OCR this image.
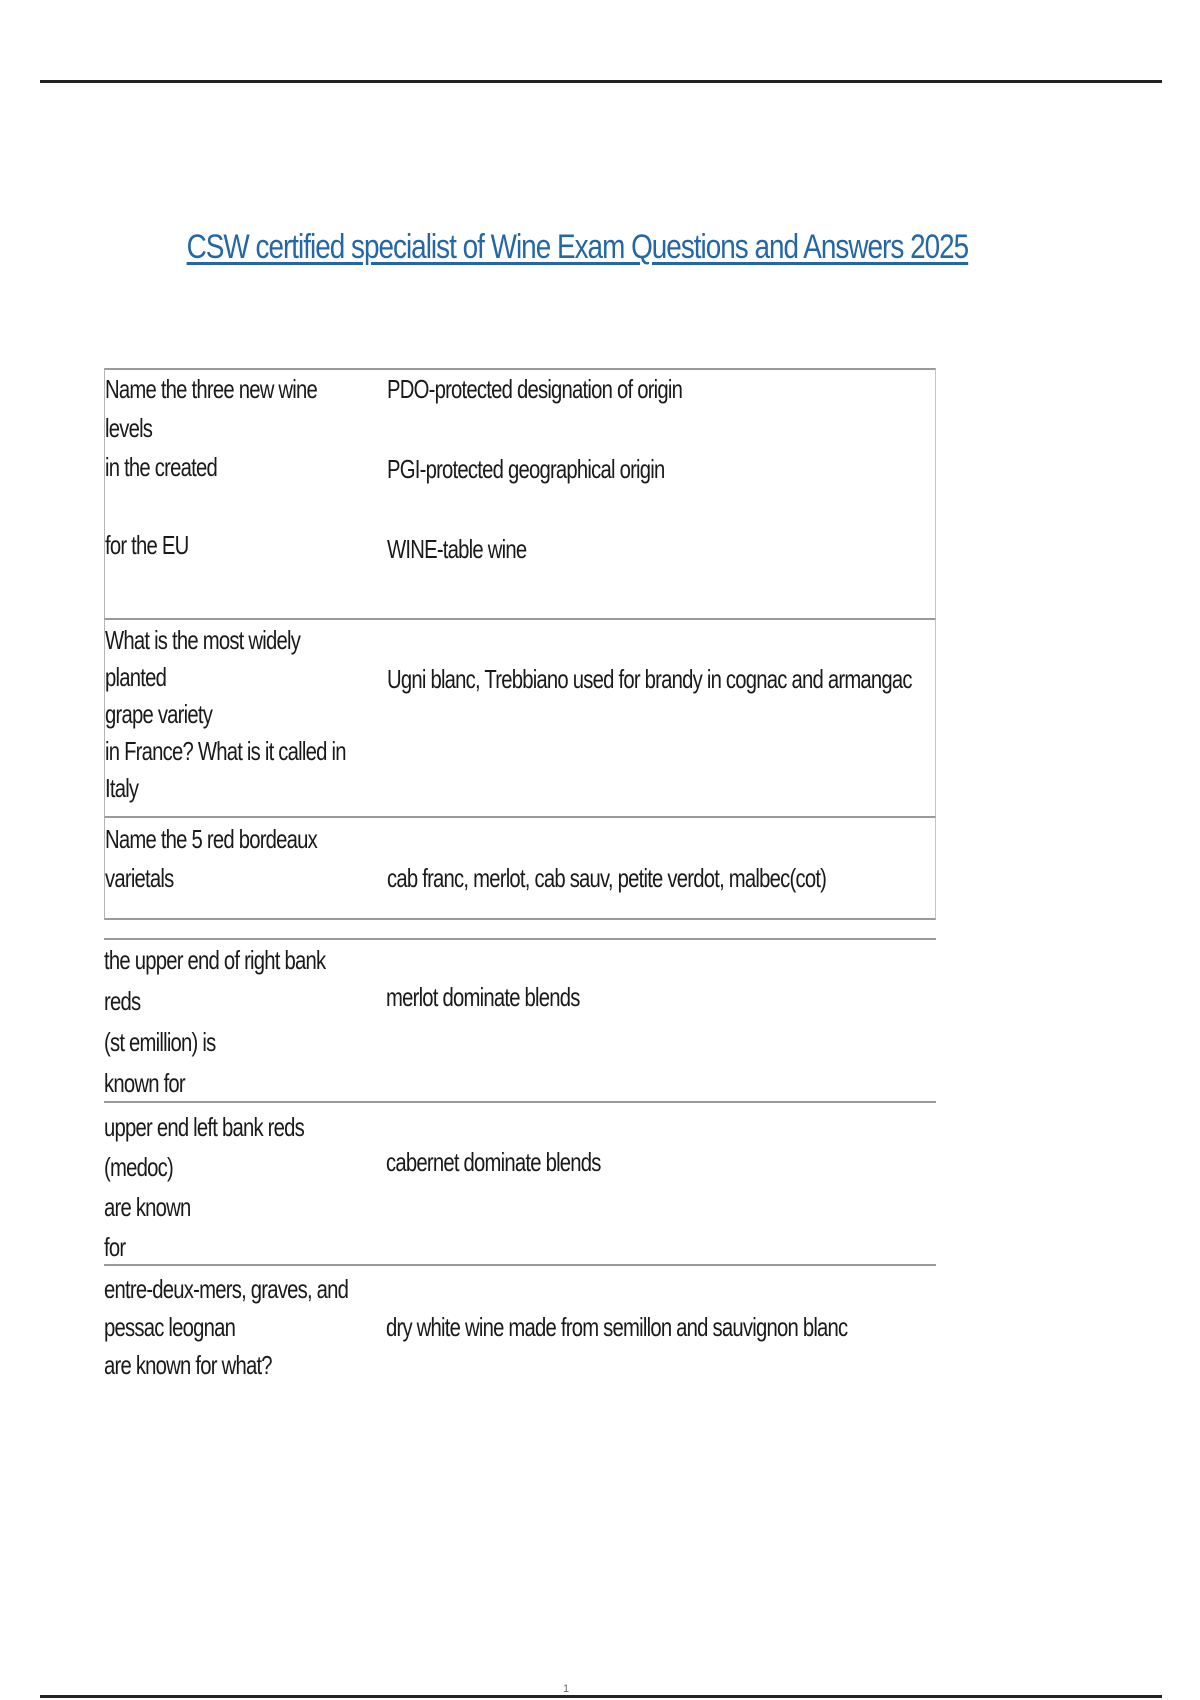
CSW certified specialist of Wine Exam Questions and Answers 2025
Name the three new wine levels
in the created

for the EU
PDO-protected designation of origin
PGI-protected geographical origin
WINE-table wine
What is the most widely planted
grape variety
in France? What is it called in
Italy
Ugni blanc, Trebbiano used for brandy in cognac and armangac
Name the 5 red bordeaux
varietals	cab franc, merlot, cab sauv, petite verdot, malbec(cot)
the upper end of right bank reds
(st emillion) is
known for
merlot dominate blends
upper end left bank reds (medoc)
are known
for
cabernet dominate blends
entre-deux-mers, graves, and
pessac leognan
are known for what?
dry white wine made from semillon and sauvignon blanc
1
